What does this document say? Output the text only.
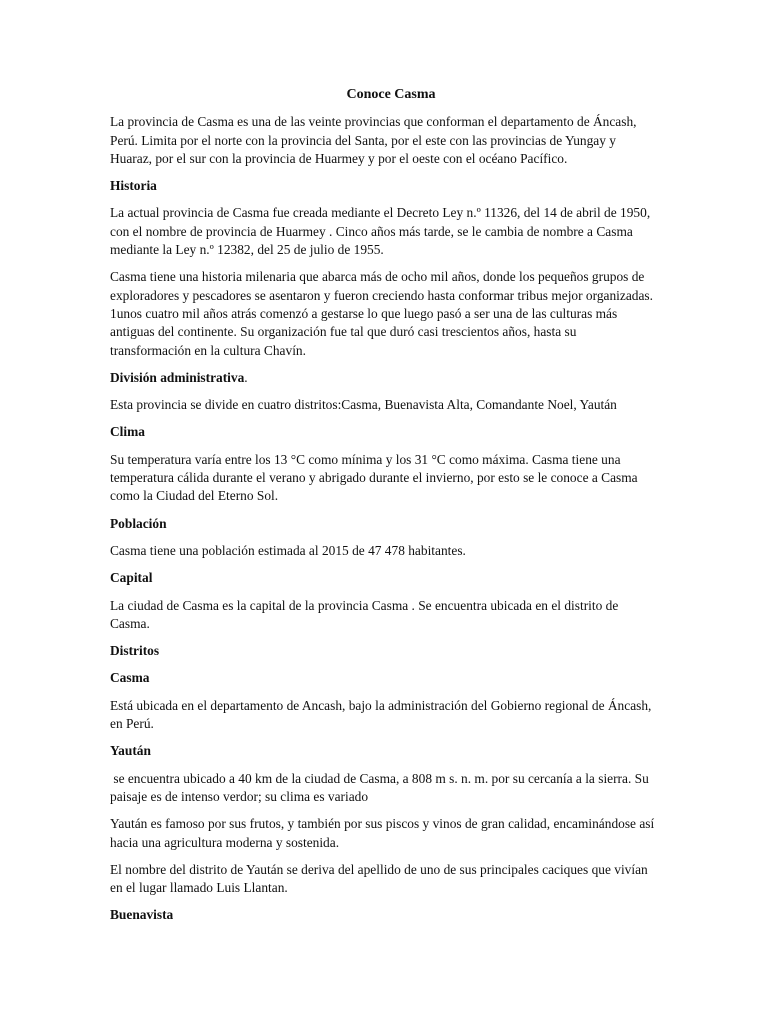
Conoce Casma

La provincia de Casma es una de las veinte provincias que conforman el departamento de Áncash, Perú. Limita por el norte con la provincia del Santa, por el este con las provincias de Yungay y Huaraz, por el sur con la provincia de Huarmey y por el oeste con el océano Pacífico.

Historia

La actual provincia de Casma fue creada mediante el Decreto Ley n.º 11326, del 14 de abril de 1950, con el nombre de provincia de Huarmey . Cinco años más tarde, se le cambia de nombre a Casma mediante la Ley n.º 12382, del 25 de julio de 1955.

Casma tiene una historia milenaria que abarca más de ocho mil años, donde los pequeños grupos de exploradores y pescadores se asentaron y fueron creciendo hasta conformar tribus mejor organizadas. 1unos cuatro mil años atrás comenzó a gestarse lo que luego pasó a ser una de las culturas más antiguas del continente. Su organización fue tal que duró casi trescientos años, hasta su transformación en la cultura Chavín.

División administrativa.

Esta provincia se divide en cuatro distritos:Casma, Buenavista Alta, Comandante Noel, Yaután

Clima

Su temperatura varía entre los 13 °C como mínima y los 31 °C como máxima. Casma tiene una temperatura cálida durante el verano y abrigado durante el invierno, por esto se le conoce a Casma como la Ciudad del Eterno Sol.

Población

Casma tiene una población estimada al 2015 de 47 478 habitantes.

Capital

La ciudad de Casma es la capital de la provincia Casma . Se encuentra ubicada en el distrito de Casma.

Distritos
Casma

Está ubicada en el departamento de Ancash, bajo la administración del Gobierno regional de Áncash, en Perú.

Yaután

se encuentra ubicado a 40 km de la ciudad de Casma, a 808 m s. n. m. por su cercanía a la sierra. Su paisaje es de intenso verdor; su clima es variado

Yaután es famoso por sus frutos, y también por sus piscos y vinos de gran calidad, encaminándose así hacia una agricultura moderna y sostenida.

El nombre del distrito de Yaután se deriva del apellido de uno de sus principales caciques que vivían en el lugar llamado Luis Llantan.

Buenavista
